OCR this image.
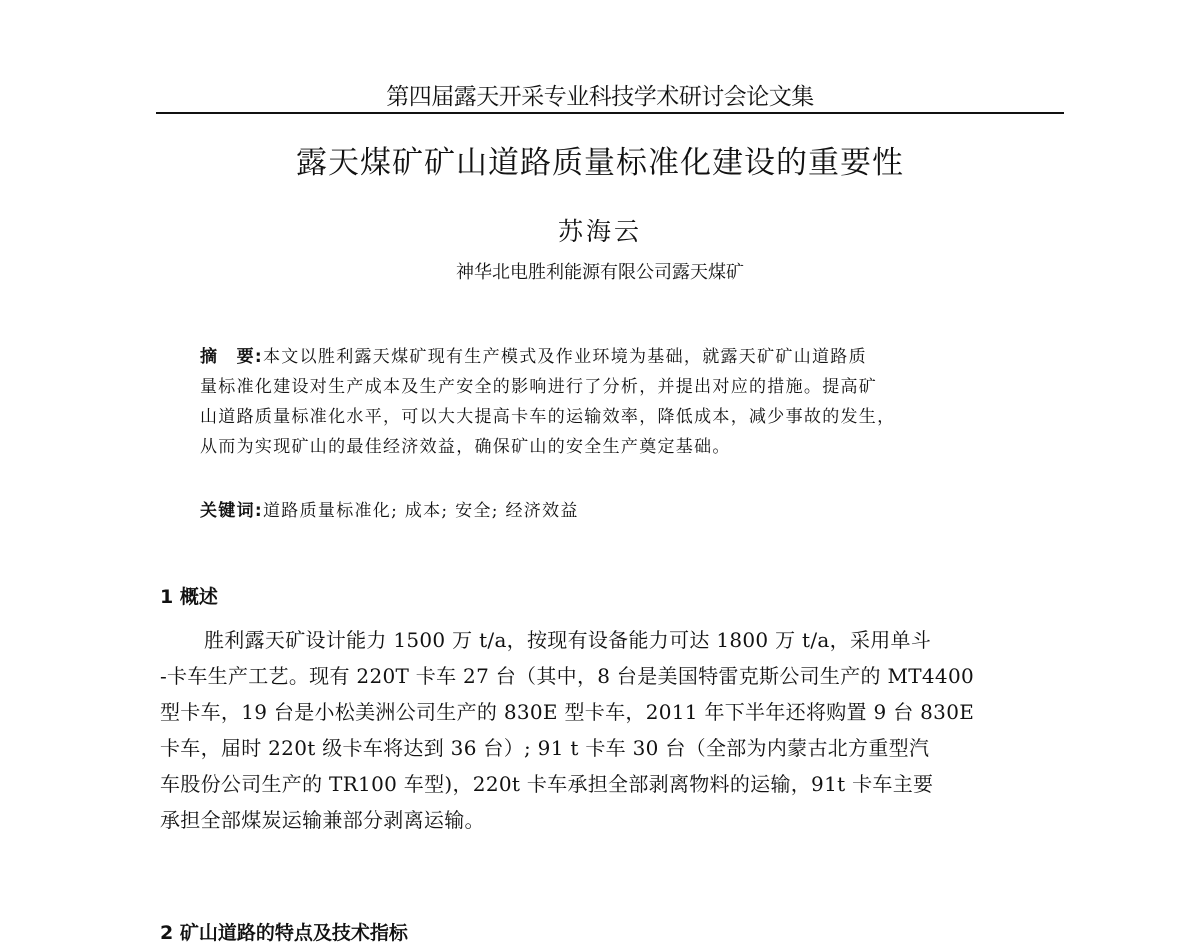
第四届露天开采专业科技学术研讨会论文集
露天煤矿矿山道路质量标准化建设的重要性
苏海云
神华北电胜利能源有限公司露天煤矿
摘　要:本文以胜利露天煤矿现有生产模式及作业环境为基础，就露天矿矿山道路质
量标准化建设对生产成本及生产安全的影响进行了分析，并提出对应的措施。提高矿
山道路质量标准化水平，可以大大提高卡车的运输效率，降低成本，减少事故的发生，
从而为实现矿山的最佳经济效益，确保矿山的安全生产奠定基础。
关键词:道路质量标准化; 成本; 安全; 经济效益
1 概述
胜利露天矿设计能力 1500 万 t/a，按现有设备能力可达 1800 万 t/a，采用单斗
-卡车生产工艺。现有 220T 卡车 27 台（其中，8 台是美国特雷克斯公司生产的 MT4400
型卡车，19 台是小松美洲公司生产的 830E 型卡车，2011 年下半年还将购置 9 台 830E
卡车，届时 220t 级卡车将达到 36 台）; 91 t 卡车 30 台（全部为内蒙古北方重型汽
车股份公司生产的 TR100 车型)，220t 卡车承担全部剥离物料的运输，91t 卡车主要
承担全部煤炭运输兼部分剥离运输。
2 矿山道路的特点及技术指标
